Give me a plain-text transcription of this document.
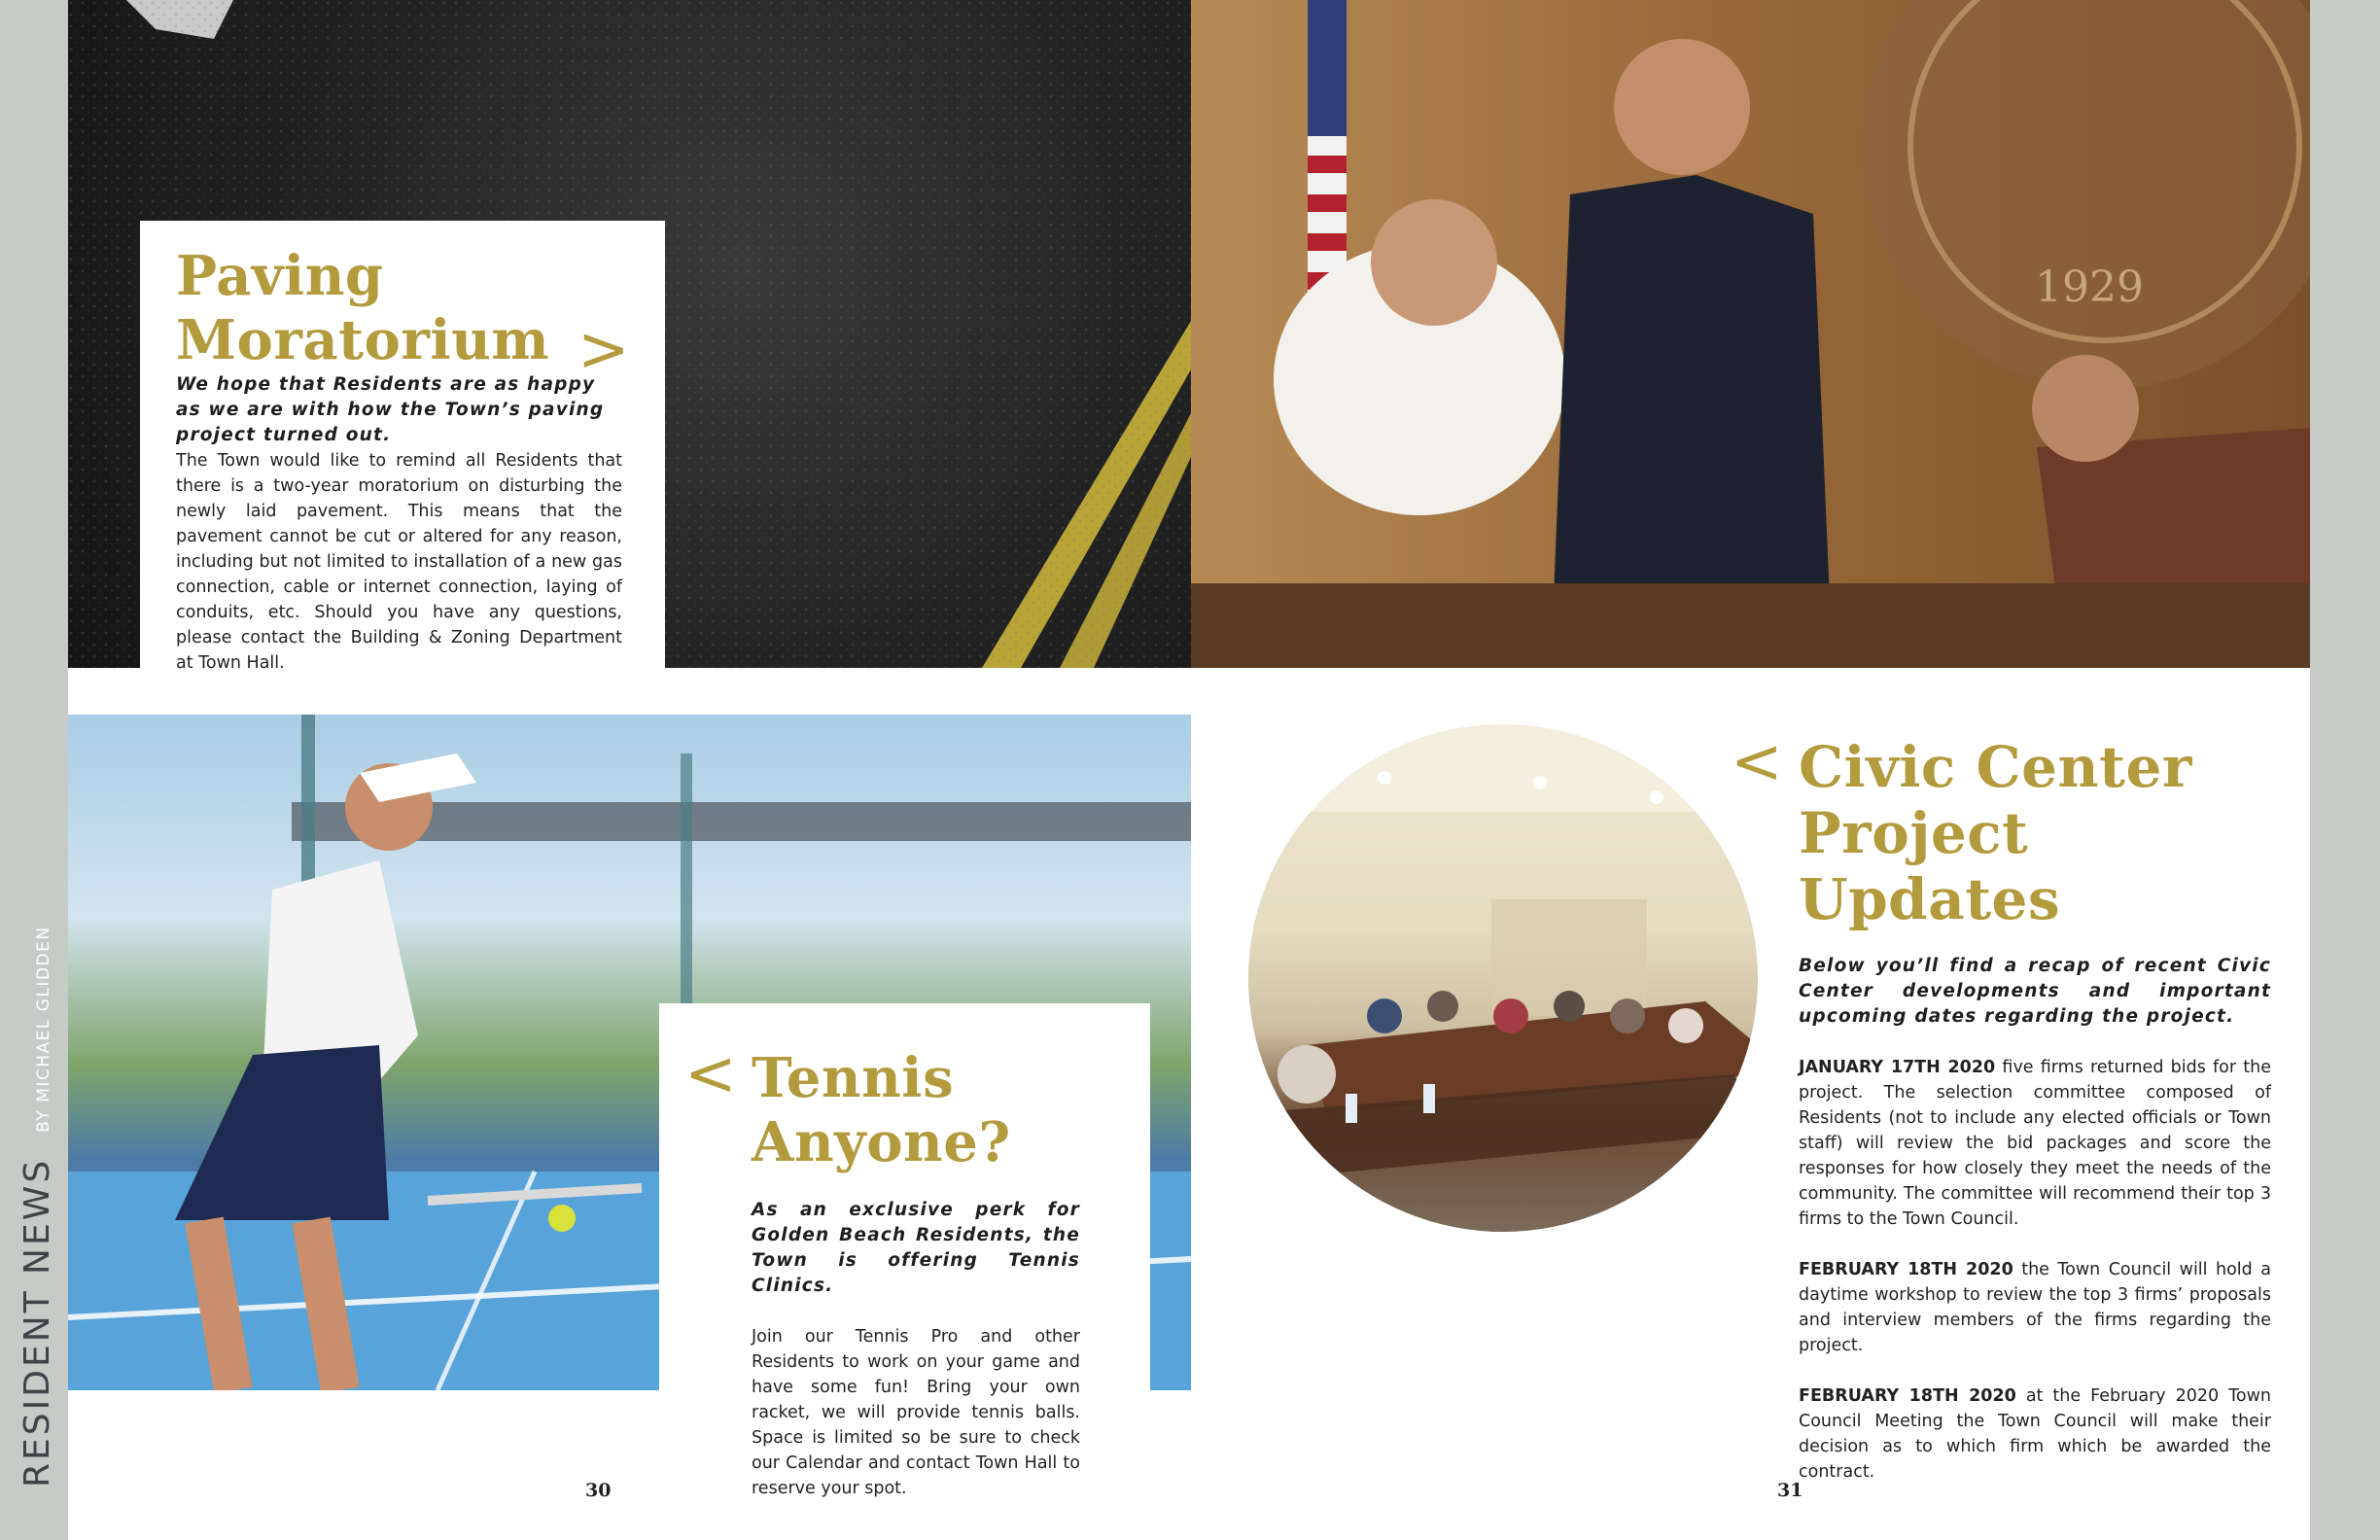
RESIDENT NEWS
BY MICHAEL GLIDDEN
1929
Paving
Moratorium >

We hope that Residents are as happy as we are with how the Town’s paving project turned out.

The Town would like to remind all Residents that there is a two-year moratorium on disturbing the newly laid pavement. This means that the pavement cannot be cut or altered for any reason, including but not limited to installation of a new gas connection, cable or internet connection, laying of conduits, etc. Should you have any questions, please contact the Building & Zoning Department at Town Hall.

< Tennis
Anyone?

As an exclusive perk for Golden Beach Residents, the Town is offering Tennis Clinics.

Join our Tennis Pro and other Residents to work on your game and have some fun! Bring your own racket, we will provide tennis balls. Space is limited so be sure to check our Calendar and contact Town Hall to reserve your spot.

< Civic Center
Project Updates

Below you’ll find a recap of recent Civic Center developments and important upcoming dates regarding the project.

JANUARY 17TH 2020 five firms returned bids for the project. The selection committee composed of Residents (not to include any elected officials or Town staff) will review the bid packages and score the responses for how closely they meet the needs of the community. The committee will recommend their top 3 firms to the Town Council.

FEBRUARY 18TH 2020 the Town Council will hold a daytime workshop to review the top 3 firms’ proposals and interview members of the firms regarding the project.

FEBRUARY 18TH 2020 at the February 2020 Town Council Meeting the Town Council will make their decision as to which firm which be awarded the contract.

30	31
